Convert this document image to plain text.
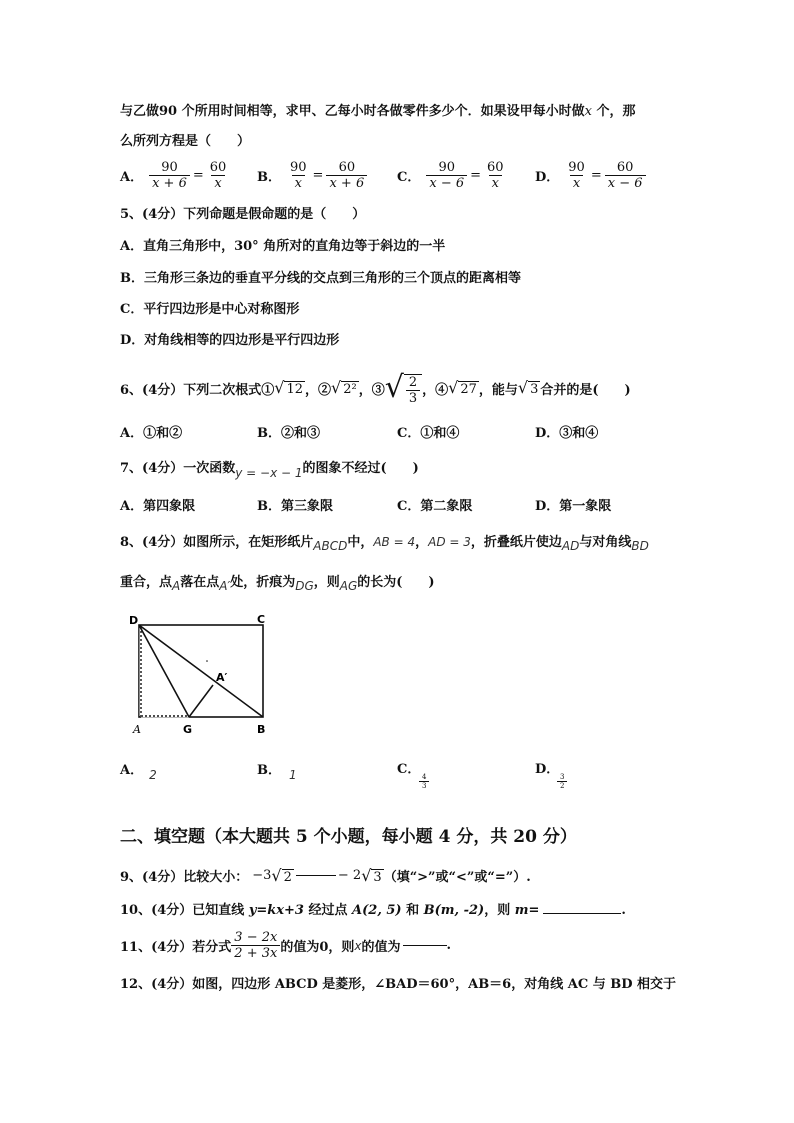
与乙做90 个所用时间相等，求甲、乙每小时各做零件多少个．如果设甲每小时做x 个，那
么所列方程是（　　）
A． $\frac{90}{x + 6} = \frac{60}{x}$ B． $\frac{90}{x} = \frac{60}{x + 6}$ C． $\frac{90}{x - 6} = \frac{60}{x}$ D． $\frac{90}{x} = \frac{60}{x - 6}$
5、(4分）下列命题是假命题的是（　　）
A．直角三角形中，30° 角所对的直角边等于斜边的一半
B．三角形三条边的垂直平分线的交点到三角形的三个顶点的距离相等
C．平行四边形是中心对称图形
D．对角线相等的四边形是平行四边形
6、(4分）下列二次根式① √ 12 ，② √ 2² ，③ √ $\frac{2}{3}$ ，④ √ 27 ，能与 √ 3 合并的是(　　)
A．①和②	B．②和③	C．①和④	D．③和④
7、(4分）一次函数y = −x − 1的图象不经过(　　)
A．第四象限	B．第三象限	C．第二象限	D．第一象限
8、(4分）如图所示，在矩形纸片ABCD中，AB = 4，AD = 3，折叠纸片使边AD与对角线BD
重合，点A落在点A′处，折痕为DG，则AG的长为(　　)
D	C
A	G	B
A′
A． 2	B． 1	C．
$\frac{4}{3}$
D．
$\frac{3}{2}$
二、填空题（本大题共 5 个小题，每小题 4 分，共 20 分）
9、(4分）比较大小： −3 √ 2	− 2 √ 3 （填“>”或“<”或“=”）.
10、(4分）已知直线 y=kx+3 经过点 A(2, 5) 和 B(m, -2)，则 m=	.
11、(4分）若分式 $\frac{3 - 2x}{2 + 3x}$ 的值为0，则 x 的值为	.
12、(4分）如图，四边形 ABCD 是菱形，∠BAD＝60°，AB＝6，对角线 AC 与 BD 相交于
